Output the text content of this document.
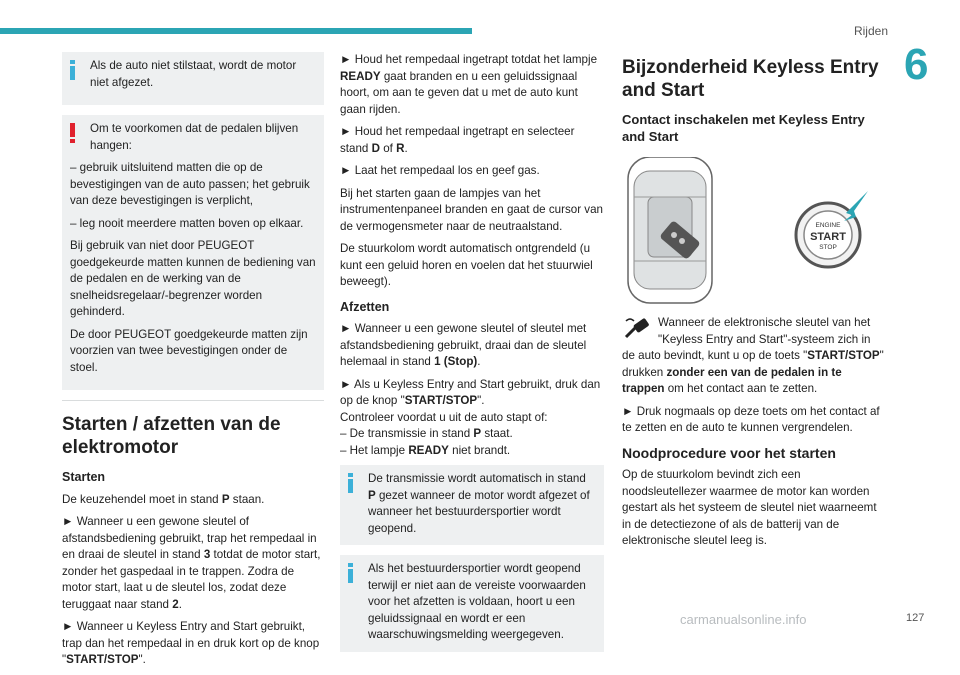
Rijden
6

Als de auto niet stilstaat, wordt de motor niet afgezet.

Om te voorkomen dat de pedalen blijven hangen:

– gebruik uitsluitend matten die op de bevestigingen van de auto passen; het gebruik van deze bevestigingen is verplicht,

– leg nooit meerdere matten boven op elkaar.

Bij gebruik van niet door PEUGEOT goedgekeurde matten kunnen de bediening van de pedalen en de werking van de snelheidsregelaar/-begrenzer worden gehinderd.

De door PEUGEOT goedgekeurde matten zijn voorzien van twee bevestigingen onder de stoel.

Starten / afzetten van de elektromotor
Starten

De keuzehendel moet in stand P staan.

► Wanneer u een gewone sleutel of afstandsbediening gebruikt, trap het rempedaal in en draai de sleutel in stand 3 totdat de motor start, zonder het gaspedaal in te trappen. Zodra de motor start, laat u de sleutel los, zodat deze teruggaat naar stand 2.

► Wanneer u Keyless Entry and Start gebruikt, trap dan het rempedaal in en druk kort op de knop "START/STOP".

► Houd het rempedaal ingetrapt totdat het lampje READY gaat branden en u een geluidssignaal hoort, om aan te geven dat u met de auto kunt gaan rijden.

► Houd het rempedaal ingetrapt en selecteer stand D of R.

► Laat het rempedaal los en geef gas.

Bij het starten gaan de lampjes van het instrumentenpaneel branden en gaat de cursor van de vermogensmeter naar de neutraalstand.

De stuurkolom wordt automatisch ontgrendeld (u kunt een geluid horen en voelen dat het stuurwiel beweegt).

Afzetten

► Wanneer u een gewone sleutel of sleutel met afstandsbediening gebruikt, draai dan de sleutel helemaal in stand 1 (Stop).

► Als u Keyless Entry and Start gebruikt, druk dan op de knop "START/STOP".

Controleer voordat u uit de auto stapt of:

– De transmissie in stand P staat.

– Het lampje READY niet brandt.

De transmissie wordt automatisch in stand P gezet wanneer de motor wordt afgezet of wanneer het bestuurdersportier wordt geopend.

Als het bestuurdersportier wordt geopend terwijl er niet aan de vereiste voorwaarden voor het afzetten is voldaan, hoort u een geluidssignaal en wordt er een waarschuwingsmelding weergegeven.

Bijzonderheid Keyless Entry and Start
Contact inschakelen met Keyless Entry and Start
ENGINE
START
STOP

Wanneer de elektronische sleutel van het "Keyless Entry and Start"-systeem zich in de auto bevindt, kunt u op de toets "START/STOP" drukken zonder een van de pedalen in te trappen om het contact aan te zetten.

► Druk nogmaals op deze toets om het contact af te zetten en de auto te kunnen vergrendelen.

Noodprocedure voor het starten

Op de stuurkolom bevindt zich een noodsleutellezer waarmee de motor kan worden gestart als het systeem de sleutel niet waarneemt in de detectiezone of als de batterij van de elektronische sleutel leeg is.

carmanualsonline.info	127
